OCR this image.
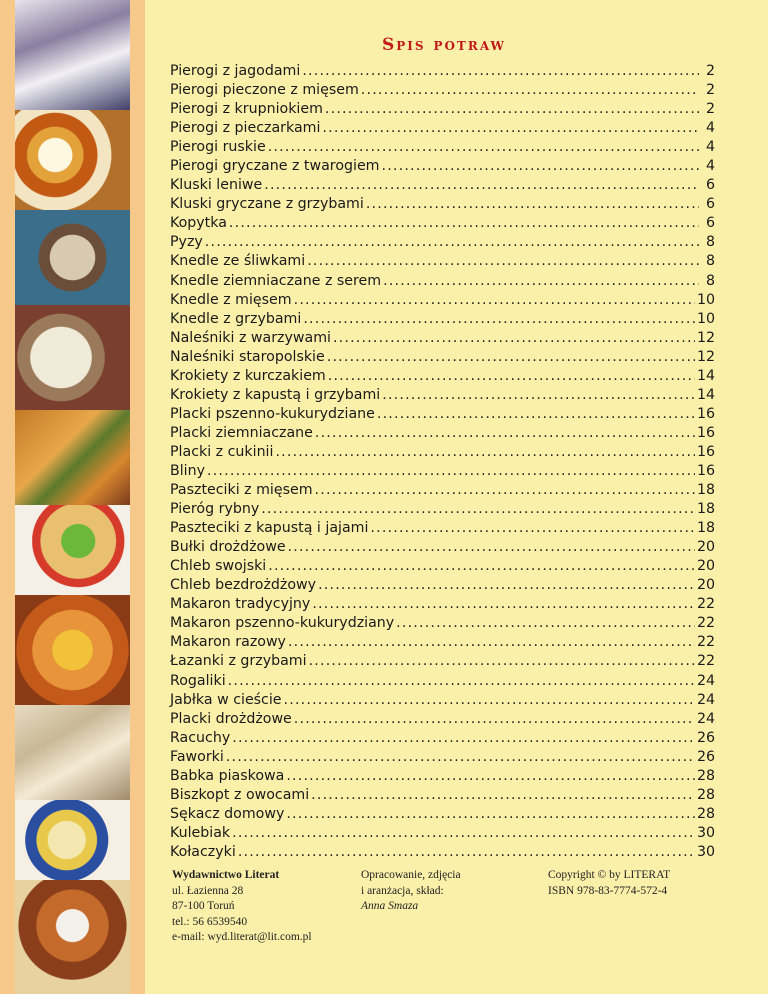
Spis potraw
Pierogi z jagodami .....	2
Pierogi pieczone z mięsem .....	2
Pierogi z krupniokiem .....	2
Pierogi z pieczarkami .....	4
Pierogi ruskie .....	4
Pierogi gryczane z twarogiem .....	4
Kluski leniwe .....	6
Kluski gryczane z grzybami .....	6
Kopytka .....	6
Pyzy .....	8
Knedle ze śliwkami .....	8
Knedle ziemniaczane z serem .....	8
Knedle z mięsem .....	10
Knedle z grzybami .....	10
Naleśniki z warzywami .....	12
Naleśniki staropolskie .....	12
Krokiety z kurczakiem .....	14
Krokiety z kapustą i grzybami .....	14
Placki pszenno-kukurydziane .....	16
Placki ziemniaczane .....	16
Placki z cukinii .....	16
Bliny .....	16
Paszteciki z mięsem .....	18
Pieróg rybny .....	18
Paszteciki z kapustą i jajami .....	18
Bułki drożdżowe .....	20
Chleb swojski .....	20
Chleb bezdrożdżowy .....	20
Makaron tradycyjny .....	22
Makaron pszenno-kukurydziany .....	22
Makaron razowy .....	22
Łazanki z grzybami .....	22
Rogaliki .....	24
Jabłka w cieście .....	24
Placki drożdżowe .....	24
Racuchy .....	26
Faworki .....	26
Babka piaskowa .....	28
Biszkopt z owocami .....	28
Sękacz domowy .....	28
Kulebiak .....	30
Kołaczyki .....	30
Wydawnictwo Literat
ul. Łazienna 28
87-100 Toruń
tel.: 56 6539540
e-mail: wyd.literat@lit.com.pl
Opracowanie, zdjęcia
i aranżacja, skład:
Anna Smaza
Copyright © by LITERAT
ISBN 978-83-7774-572-4
